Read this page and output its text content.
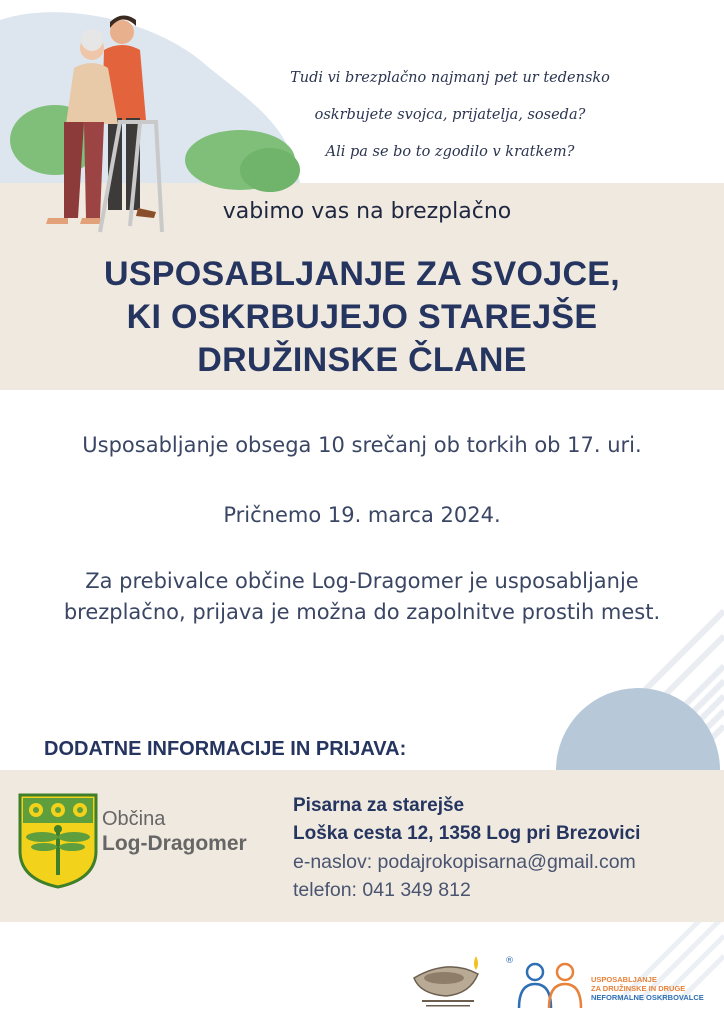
Tudi vi brezplačno najmanj pet ur tedensko
oskrbujete svojca, prijatelja, soseda?
Ali pa se bo to zgodilo v kratkem?
vabimo vas na brezplačno
USPOSABLJANJE ZA SVOJCE,
KI OSKRBUJEJO STAREJŠE
DRUŽINSKE ČLANE
Usposabljanje obsega 10 srečanj ob torkih ob 17. uri.
Pričnemo 19. marca 2024.
Za prebivalce občine Log-Dragomer je usposabljanje
brezplačno, prijava je možna do zapolnitve prostih mest.
DODATNE INFORMACIJE IN PRIJAVA:
Občina
Log-Dragomer
Pisarna za starejše
Loška cesta 12, 1358 Log pri Brezovici
e-naslov: podajrokopisarna@gmail.com
telefon: 041 349 812
®
USPOSABLJANJE
ZA DRUŽINSKE IN DRUGE
NEFORMALNE OSKRBOVALCE
